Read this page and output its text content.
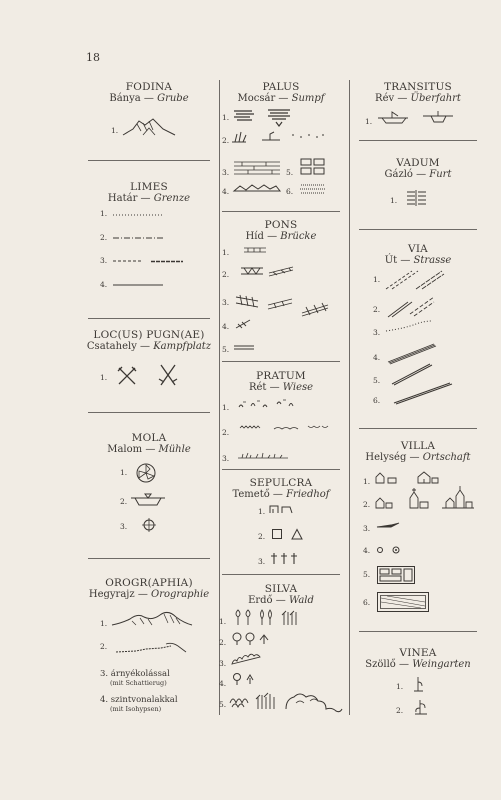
18
FODINA
Bánya — Grube
1.
LIMES
Határ — Grenze
1.
2.
3.
4.
LOC(US) PUGN(AE)
Csatahely — Kampfplatz
1.
MOLA
Malom — Mühle
1.
2.
3.
OROGR(APHIA)
Hegyrajz — Orographie
1.
2.
3. árnyékolással
(mit Schattierug)
4. szintvonalakkal
(mit Isohypsen)
PALUS
Mocsár — Sumpf
1.
2.
3.	5.
4.	6.
PONS
Híd — Brücke
1.
2.
3.
4.
5.
PRATUM
Rét — Wiese
1.
2.
3.
SEPULCRA
Temető — Friedhof
1.
2.
3.
SILVA
Erdő — Wald
1.
2.
3.
4.
5.
TRANSITUS
Rév — Überfahrt
1.
VADUM
Gázló — Furt
1.
VIA
Út — Strasse
1.
2.
3.
4.
5.
6.
VILLA
Helység — Ortschaft
1.
2.
3.
4.
5.
6.
VINEA
Szöllő — Weingarten
1.
2.
